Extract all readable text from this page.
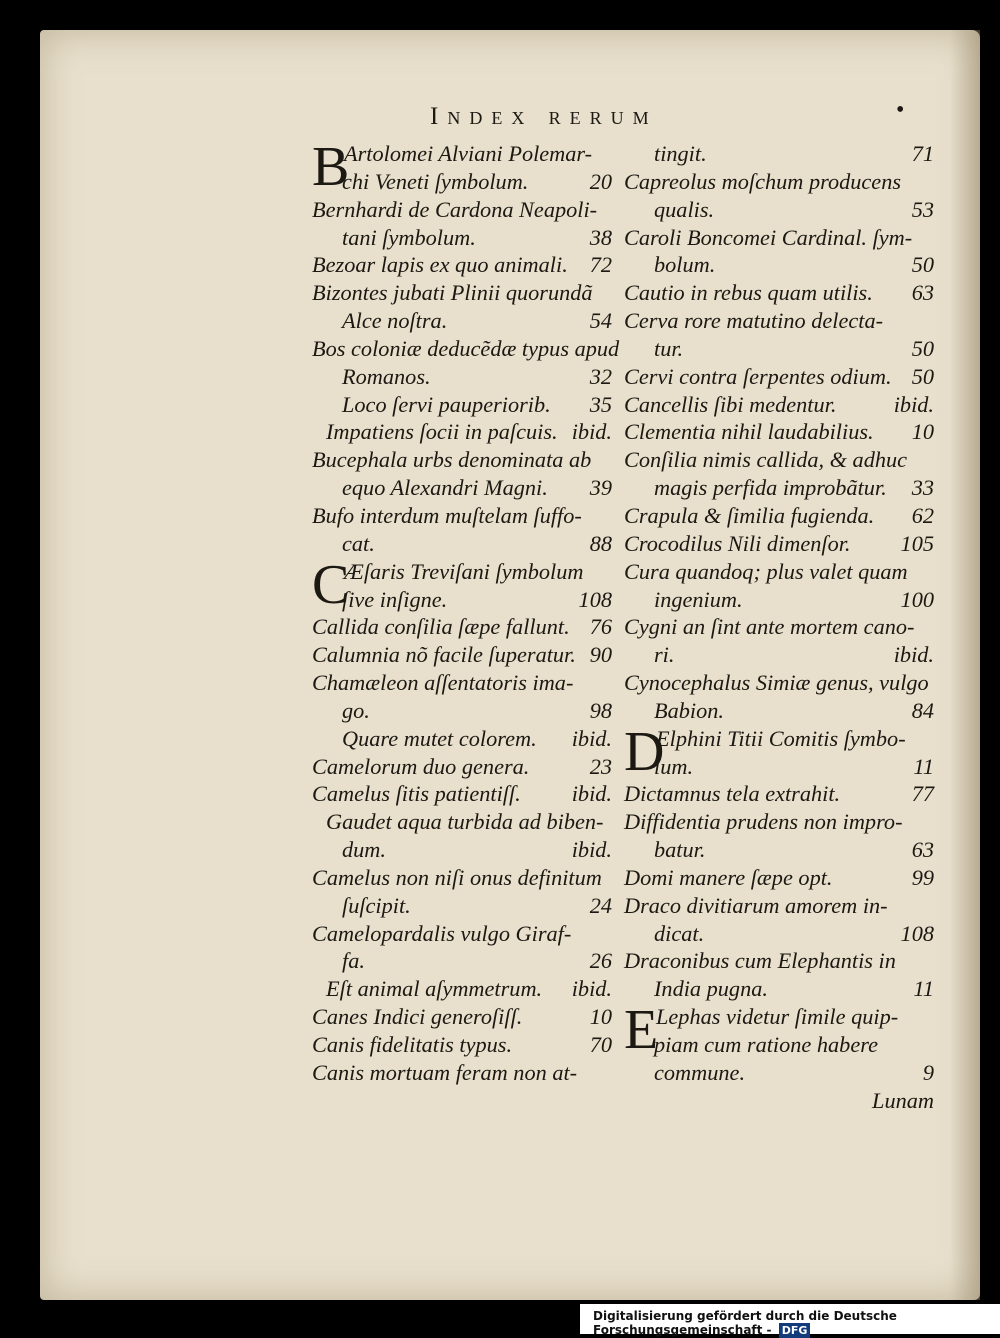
Index rerum	•
B
Artolomei Alviani Polemar-
chi Veneti ſymbolum.	20
Bernhardi de Cardona Neapoli-
tani ſymbolum.	38
Bezoar lapis ex quo animali. 72
Bizontes jubati Plinii quorundã
Alce noſtra.	54
Bos coloniæ deducẽdæ typus apud
Romanos.	32
Loco ſervi pauperiorib. 35
Impatiens ſocii in paſcuis. ibid.
Bucephala urbs denominata ab
equo Alexandri Magni. 39
Bufo interdum muſtelam ſuffo-
cat.	88
C
Æſaris Treviſani ſymbolum
ſive inſigne.	108
Callida conſilia ſæpe fallunt. 76
Calumnia nõ facile ſuperatur. 90
Chamæleon aſſentatoris ima-
go.	98
Quare mutet colorem. ibid.
Camelorum duo genera.	23
Camelus ſitis patientiſſ. ibid.
Gaudet aqua turbida ad biben-
dum.	ibid.
Camelus non niſi onus definitum
ſuſcipit.	24
Camelopardalis vulgo Giraf-
fa.	26
Eſt animal aſymmetrum. ibid.
Canes Indici generoſiſſ.	10
Canis fidelitatis typus.	70
Canis mortuam feram non at-
tingit.	71
Capreolus moſchum producens
qualis.	53
Caroli Boncomei Cardinal. ſym-
bolum.	50
Cautio in rebus quam utilis. 63
Cerva rore matutino delecta-
tur.	50
Cervi contra ſerpentes odium. 50
Cancellis ſibi medentur.	ibid.
Clementia nihil laudabilius. 10
Conſilia nimis callida, & adhuc
magis perfida improbãtur. 33
Crapula & ſimilia fugienda. 62
Crocodilus Nili dimenſor. 105
Cura quandoq; plus valet quam
ingenium.	100
Cygni an ſint ante mortem cano-
ri.	ibid.
Cynocephalus Simiæ genus, vulgo
Babion.	84
D
Elphini Titii Comitis ſymbo-
lum.	11
Dictamnus tela extrahit.	77
Diffidentia prudens non impro-
batur.	63
Domi manere ſæpe opt.	99
Draco divitiarum amorem in-
dicat.	108
Draconibus cum Elephantis in
India pugna.	11
E
Lephas videtur ſimile quip-
piam cum ratione habere
commune.	9
Lunam
Digitalisierung gefördert durch die Deutsche Forschungsgemeinschaft - DFG
